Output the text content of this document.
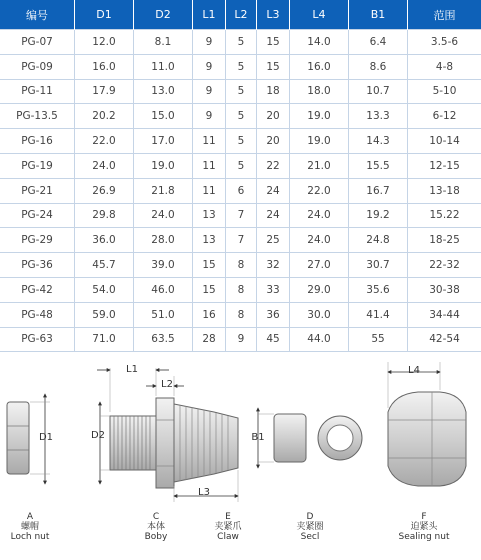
编号	D1	D2	L1	L2	L3	L4	B1	范围
PG-07	12.0	8.1	9	5	15	14.0	6.4	3.5-6
PG-09	16.0	11.0	9	5	15	16.0	8.6	4-8
PG-11	17.9	13.0	9	5	18	18.0	10.7	5-10
PG-13.5	20.2	15.0	9	5	20	19.0	13.3	6-12
PG-16	22.0	17.0	11	5	20	19.0	14.3	10-14
PG-19	24.0	19.0	11	5	22	21.0	15.5	12-15
PG-21	26.9	21.8	11	6	24	22.0	16.7	13-18
PG-24	29.8	24.0	13	7	24	24.0	19.2	15.22
PG-29	36.0	28.0	13	7	25	24.0	24.8	18-25
PG-36	45.7	39.0	15	8	32	27.0	30.7	22-32
PG-42	54.0	46.0	15	8	33	29.0	35.6	30-38
PG-48	59.0	51.0	16	8	36	30.0	41.4	34-44
PG-63	71.0	63.5	28	9	45	44.0	55	42-54
D1
L1
L2
D2
L3
B1
L4
A
螺帽
Loch nut
C
本体
Boby
E
夹紧爪
Claw
D
夹紧圈
Secl
F
迫紧头
Sealing nut
